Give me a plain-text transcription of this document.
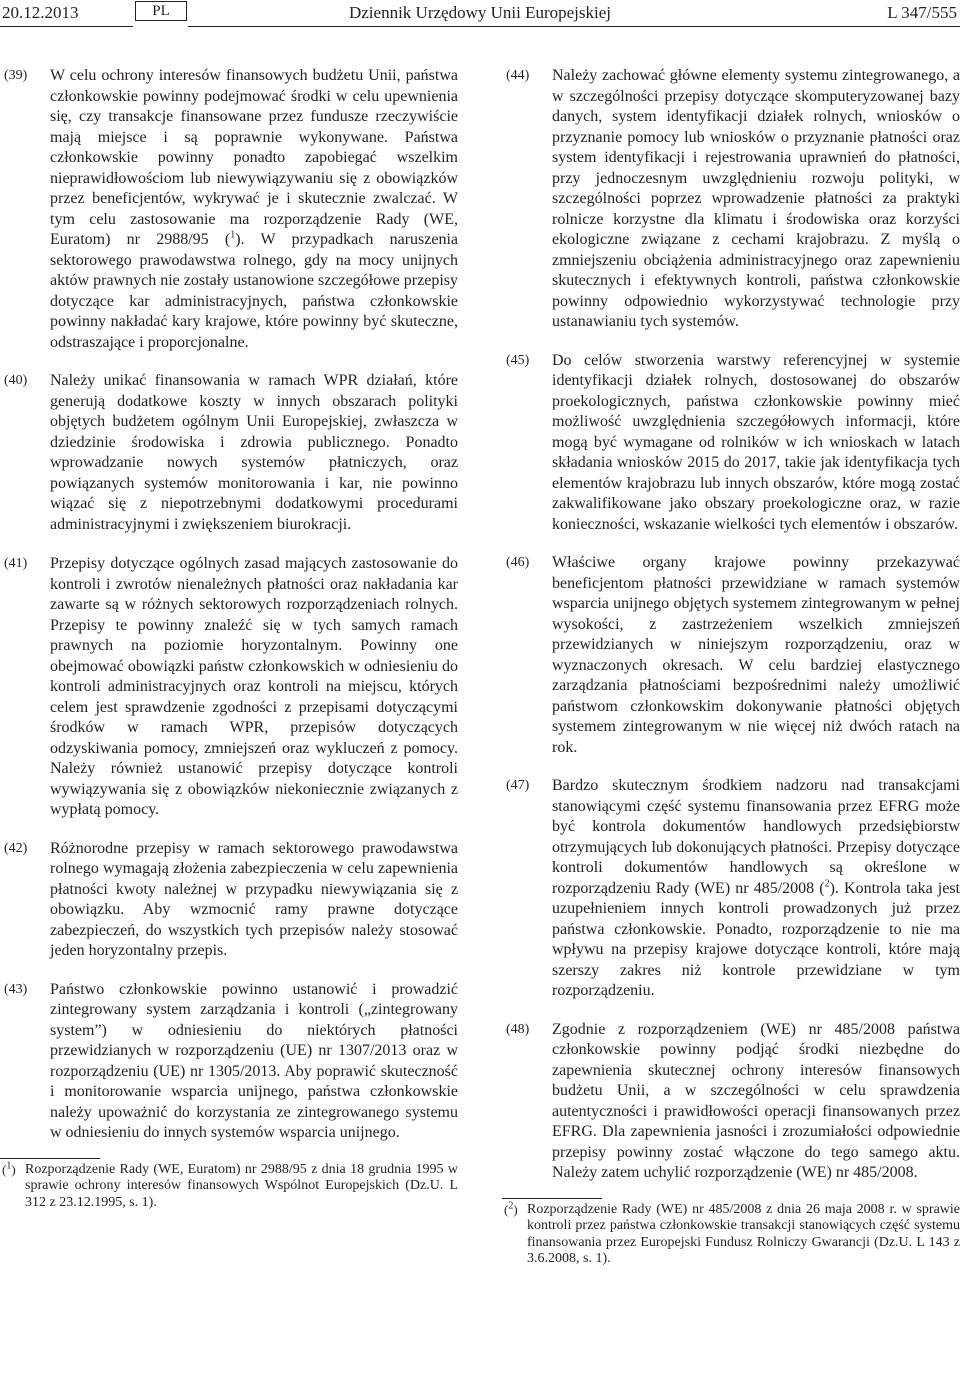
20.12.2013	PL	Dziennik Urzędowy Unii Europejskiej	L 347/555
(39) W celu ochrony interesów finansowych budżetu Unii, państwa członkowskie powinny podejmować środki w celu upewnienia się, czy transakcje finansowane przez fundusze rzeczywiście mają miejsce i są poprawnie wykonywane. Państwa członkowskie powinny ponadto zapobiegać wszelkim nieprawidłowościom lub niewywiązywaniu się z obowiązków przez beneficjentów, wykrywać je i skutecznie zwalczać. W tym celu zastosowanie ma rozporządzenie Rady (WE, Euratom) nr 2988/95 ($^1$). W przypadkach naruszenia sektorowego prawodawstwa rolnego, gdy na mocy unijnych aktów prawnych nie zostały ustanowione szczegółowe przepisy dotyczące kar administracyjnych, państwa członkowskie powinny nakładać kary krajowe, które powinny być skuteczne, odstraszające i proporcjonalne.
(40) Należy unikać finansowania w ramach WPR działań, które generują dodatkowe koszty w innych obszarach polityki objętych budżetem ogólnym Unii Europejskiej, zwłaszcza w dziedzinie środowiska i zdrowia publicznego. Ponadto wprowadzanie nowych systemów płatniczych, oraz powiązanych systemów monitorowania i kar, nie powinno wiązać się z niepotrzebnymi dodatkowymi procedurami administracyjnymi i zwiększeniem biurokracji.
(41) Przepisy dotyczące ogólnych zasad mających zastosowanie do kontroli i zwrotów nienależnych płatności oraz nakładania kar zawarte są w różnych sektorowych rozporządzeniach rolnych. Przepisy te powinny znaleźć się w tych samych ramach prawnych na poziomie horyzontalnym. Powinny one obejmować obowiązki państw członkowskich w odniesieniu do kontroli administracyjnych oraz kontroli na miejscu, których celem jest sprawdzenie zgodności z przepisami dotyczącymi środków w ramach WPR, przepisów dotyczących odzyskiwania pomocy, zmniejszeń oraz wykluczeń z pomocy. Należy również ustanowić przepisy dotyczące kontroli wywiązywania się z obowiązków niekoniecznie związanych z wypłatą pomocy.
(42) Różnorodne przepisy w ramach sektorowego prawodawstwa rolnego wymagają złożenia zabezpieczenia w celu zapewnienia płatności kwoty należnej w przypadku niewywiązania się z obowiązku. Aby wzmocnić ramy prawne dotyczące zabezpieczeń, do wszystkich tych przepisów należy stosować jeden horyzontalny przepis.
(43) Państwo członkowskie powinno ustanowić i prowadzić zintegrowany system zarządzania i kontroli („zintegrowany system”) w odniesieniu do niektórych płatności przewidzianych w rozporządzeniu (UE) nr 1307/2013 oraz w rozporządzeniu (UE) nr 1305/2013. Aby poprawić skuteczność i monitorowanie wsparcia unijnego, państwa członkowskie należy upoważnić do korzystania ze zintegrowanego systemu w odniesieniu do innych systemów wsparcia unijnego.
($^1$) Rozporządzenie Rady (WE, Euratom) nr 2988/95 z dnia 18 grudnia 1995 w sprawie ochrony interesów finansowych Wspólnot Europejskich (Dz.U. L 312 z 23.12.1995, s. 1).
(44) Należy zachować główne elementy systemu zintegrowanego, a w szczególności przepisy dotyczące skomputeryzowanej bazy danych, system identyfikacji działek rolnych, wniosków o przyznanie pomocy lub wniosków o przyznanie płatności oraz system identyfikacji i rejestrowania uprawnień do płatności, przy jednoczesnym uwzględnieniu rozwoju polityki, w szczególności poprzez wprowadzenie płatności za praktyki rolnicze korzystne dla klimatu i środowiska oraz korzyści ekologiczne związane z cechami krajobrazu. Z myślą o zmniejszeniu obciążenia administracyjnego oraz zapewnieniu skutecznych i efektywnych kontroli, państwa członkowskie powinny odpowiednio wykorzystywać technologie przy ustanawianiu tych systemów.
(45) Do celów stworzenia warstwy referencyjnej w systemie identyfikacji działek rolnych, dostosowanej do obszarów proekologicznych, państwa członkowskie powinny mieć możliwość uwzględnienia szczegółowych informacji, które mogą być wymagane od rolników w ich wnioskach w latach składania wniosków 2015 do 2017, takie jak identyfikacja tych elementów krajobrazu lub innych obszarów, które mogą zostać zakwalifikowane jako obszary proekologiczne oraz, w razie konieczności, wskazanie wielkości tych elementów i obszarów.
(46) Właściwe organy krajowe powinny przekazywać beneficjentom płatności przewidziane w ramach systemów wsparcia unijnego objętych systemem zintegrowanym w pełnej wysokości, z zastrzeżeniem wszelkich zmniejszeń przewidzianych w niniejszym rozporządzeniu, oraz w wyznaczonych okresach. W celu bardziej elastycznego zarządzania płatnościami bezpośrednimi należy umożliwić państwom członkowskim dokonywanie płatności objętych systemem zintegrowanym w nie więcej niż dwóch ratach na rok.
(47) Bardzo skutecznym środkiem nadzoru nad transakcjami stanowiącymi część systemu finansowania przez EFRG może być kontrola dokumentów handlowych przedsiębiorstw otrzymujących lub dokonujących płatności. Przepisy dotyczące kontroli dokumentów handlowych są określone w rozporządzeniu Rady (WE) nr 485/2008 ($^2$). Kontrola taka jest uzupełnieniem innych kontroli prowadzonych już przez państwa członkowskie. Ponadto, rozporządzenie to nie ma wpływu na przepisy krajowe dotyczące kontroli, które mają szerszy zakres niż kontrole przewidziane w tym rozporządzeniu.
(48) Zgodnie z rozporządzeniem (WE) nr 485/2008 państwa członkowskie powinny podjąć środki niezbędne do zapewnienia skutecznej ochrony interesów finansowych budżetu Unii, a w szczególności w celu sprawdzenia autentyczności i prawidłowości operacji finansowanych przez EFRG. Dla zapewnienia jasności i zrozumiałości odpowiednie przepisy powinny zostać włączone do tego samego aktu. Należy zatem uchylić rozporządzenie (WE) nr 485/2008.
($^2$) Rozporządzenie Rady (WE) nr 485/2008 z dnia 26 maja 2008 r. w sprawie kontroli przez państwa członkowskie transakcji stanowiących część systemu finansowania przez Europejski Fundusz Rolniczy Gwarancji (Dz.U. L 143 z 3.6.2008, s. 1).
